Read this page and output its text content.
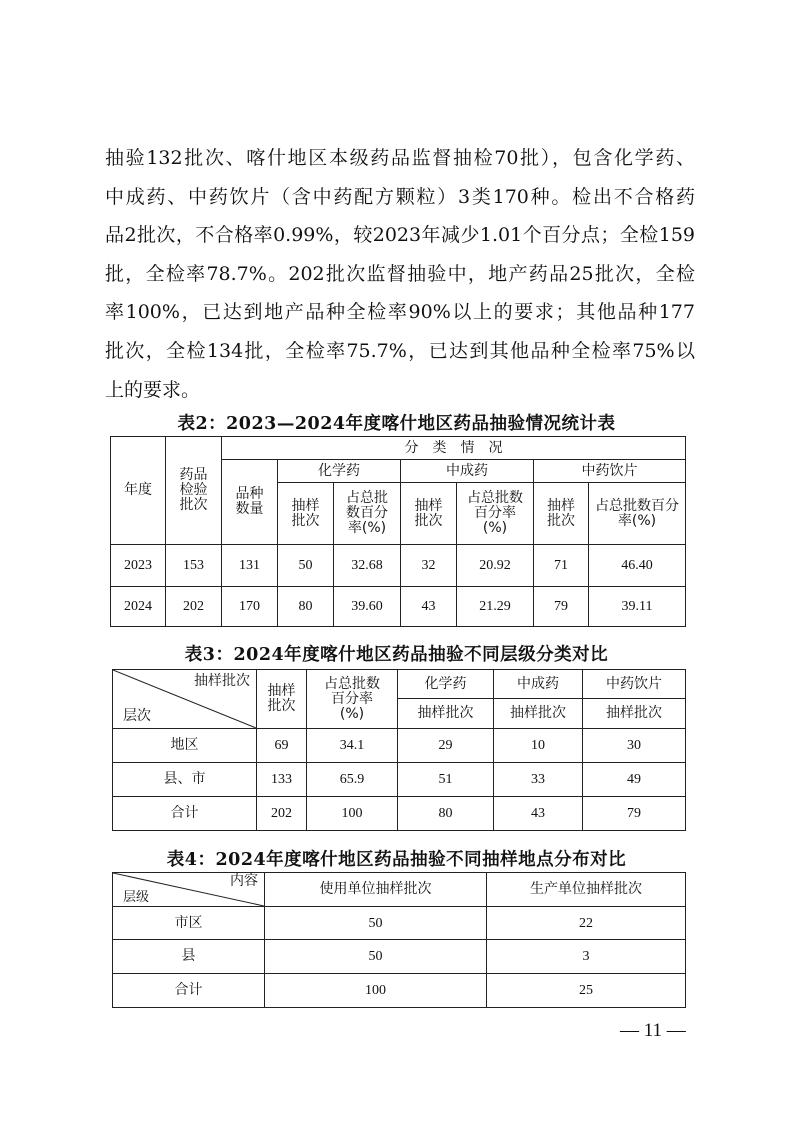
抽验132批次、喀什地区本级药品监督抽检70批），包含化学药、
中成药、中药饮片（含中药配方颗粒）3类170种。检出不合格药
品2批次，不合格率0.99%，较2023年减少1.01个百分点；全检159
批，全检率78.7%。202批次监督抽验中，地产药品25批次，全检
率100%，已达到地产品种全检率90%以上的要求；其他品种177
批次，全检134批，全检率75.7%，已达到其他品种全检率75%以
上的要求。
表2：2023—2024年度喀什地区药品抽验情况统计表
年度	药品检验批次	分　类　情　况						
		品种数量	化学药		中成药		中药饮片	
			抽样批次	占总批数百分率(%)	抽样批次	占总批数百分率(%)	抽样批次	占总批数百分率(%)
2023	153	131	50	32.68	32	20.92	71	46.40
2024	202	170	80	39.60	43	21.29	79	39.11
表3：2024年度喀什地区药品抽验不同层级分类对比
抽样批次
层次	抽样批次	占总批数百分率(%)	化学药	中成药	中药饮片
			抽样批次	抽样批次	抽样批次
地区	69	34.1	29	10	30
县、市	133	65.9	51	33	49
合计	202	100	80	43	79
表4：2024年度喀什地区药品抽验不同抽样地点分布对比
内容
层级	使用单位抽样批次	生产单位抽样批次
市区	50	22
县	50	3
合计	100	25
— 11 —
